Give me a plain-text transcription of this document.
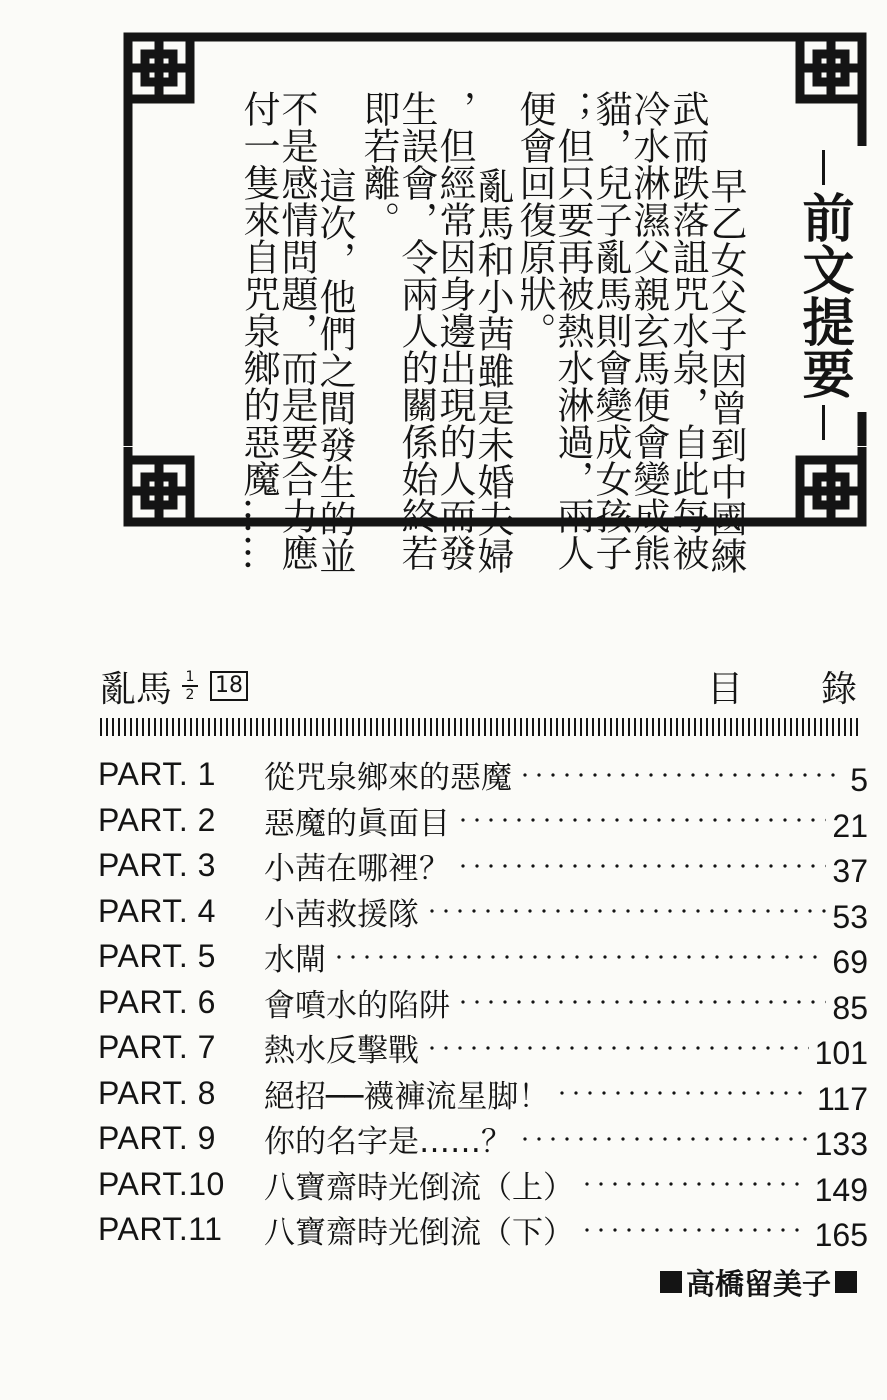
前文提要
　早乙女父子因曾到中國練
武而跌落詛咒水泉，自此每被
冷水淋濕父親玄馬便會變成熊
貓，兒子亂馬則會變成女孩子
；但只要再被熱水淋過，兩人
便會回復原狀。
　亂馬和小茜雖是未婚夫婦
，但經常因身邊出現的人而發
生誤會，令兩人的關係始終若
即若離。
　這次，他們之間發生的並
不是感情問題，而是要合力應
付一隻來自咒泉鄉的惡魔……
亂馬 $\frac{1}{2} 18$	目 錄
PART. 1	從咒泉鄉來的惡魔	5
PART. 2	惡魔的眞面目	21
PART. 3	小茜在哪裡？	37
PART. 4	小茜救援隊	53
PART. 5	水閘	69
PART. 6	會噴水的陷阱	85
PART. 7	熱水反擊戰	101
PART. 8	絕招──襪褲流星脚！	117
PART. 9	你的名字是……？	133
PART.10	八寶齋時光倒流（上）	149
PART.11	八寶齋時光倒流（下）	165
高橋留美子
